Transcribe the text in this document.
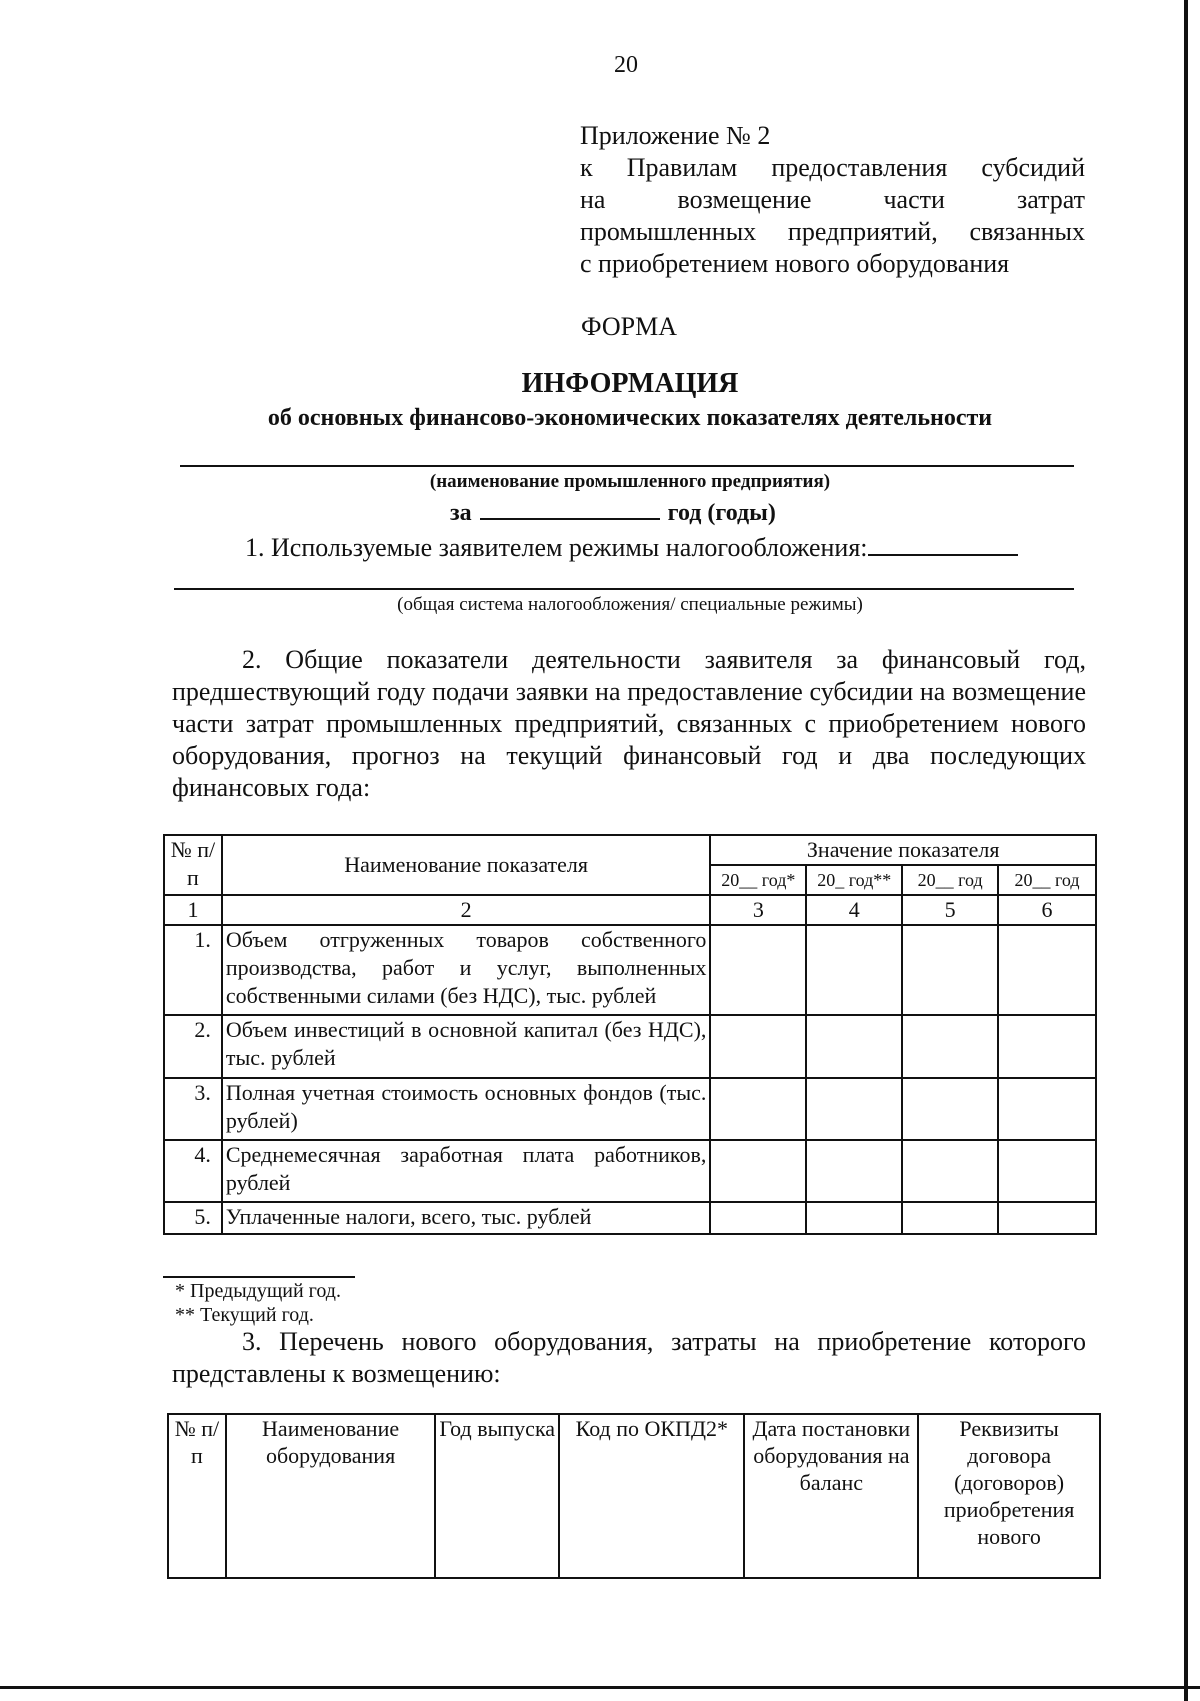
20
Приложение № 2
к Правилам предоставления субсидий
на возмещение части затрат
промышленных предприятий, связанных
с приобретением нового оборудования
ФОРМА
ИНФОРМАЦИЯ
об основных финансово-экономических показателях деятельности
(наименование промышленного предприятия)
за	год (годы)
1. Используемые заявителем режимы налогообложения:
(общая система налогообложения/ специальные режимы)
2. Общие показатели деятельности заявителя за финансовый год, предшествующий году подачи заявки на предоставление субсидии на возмещение части затрат промышленных предприятий, связанных с приобретением нового оборудования, прогноз на текущий финансовый год и два последующих финансовых года:
№ п/п	Наименование показателя	Значение показателя			
		20__ год*	20_ год**	20__ год	20__ год
1	2	3	4	5	6
1.	Объем отгруженных товаров собственного производства, работ и услуг, выполненных собственными силами (без НДС), тыс. рублей				
2.	Объем инвестиций в основной капитал (без НДС), тыс. рублей				
3.	Полная учетная стоимость основных фондов (тыс. рублей)				
4.	Среднемесячная заработная плата работников, рублей				
5.	Уплаченные налоги, всего, тыс. рублей				
* Предыдущий год.
** Текущий год.
3. Перечень нового оборудования, затраты на приобретение которого представлены к возмещению:
№ п/п	Наименование оборудования	Год выпуска	Код по ОКПД2*	Дата постановки оборудования на баланс	Реквизиты договора (договоров) приобретения нового
